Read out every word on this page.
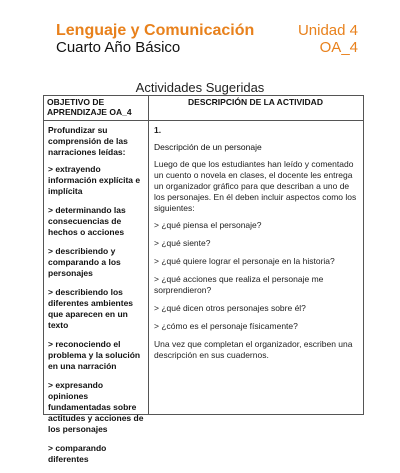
Lenguaje y Comunicación
Cuarto Año Básico
Unidad 4
OA_4
Actividades Sugeridas
OBJETIVO DE APRENDIZAJE OA_4
DESCRIPCIÓN DE LA ACTIVIDAD
Profundizar su comprensión de las narraciones leídas:
> extrayendo información explícita e implícita
> determinando las consecuencias de hechos o acciones
> describiendo y comparando a los personajes
> describiendo los diferentes ambientes que aparecen en un texto
> reconociendo el problema y la solución en una narración
> expresando opiniones fundamentadas sobre actitudes y acciones de los personajes
> comparando diferentes
1.
Descripción de un personaje
Luego de que los estudiantes han leído y comentado un cuento o novela en clases, el docente les entrega un organizador gráfico para que describan a uno de los personajes. En él deben incluir aspectos como los siguientes:
> ¿qué piensa el personaje?
> ¿qué siente?
> ¿qué quiere lograr el personaje en la historia?
> ¿qué acciones que realiza el personaje me sorprendieron?
> ¿qué dicen otros personajes sobre él?
> ¿cómo es el personaje físicamente?
Una vez que completan el organizador, escriben una descripción en sus cuadernos.
